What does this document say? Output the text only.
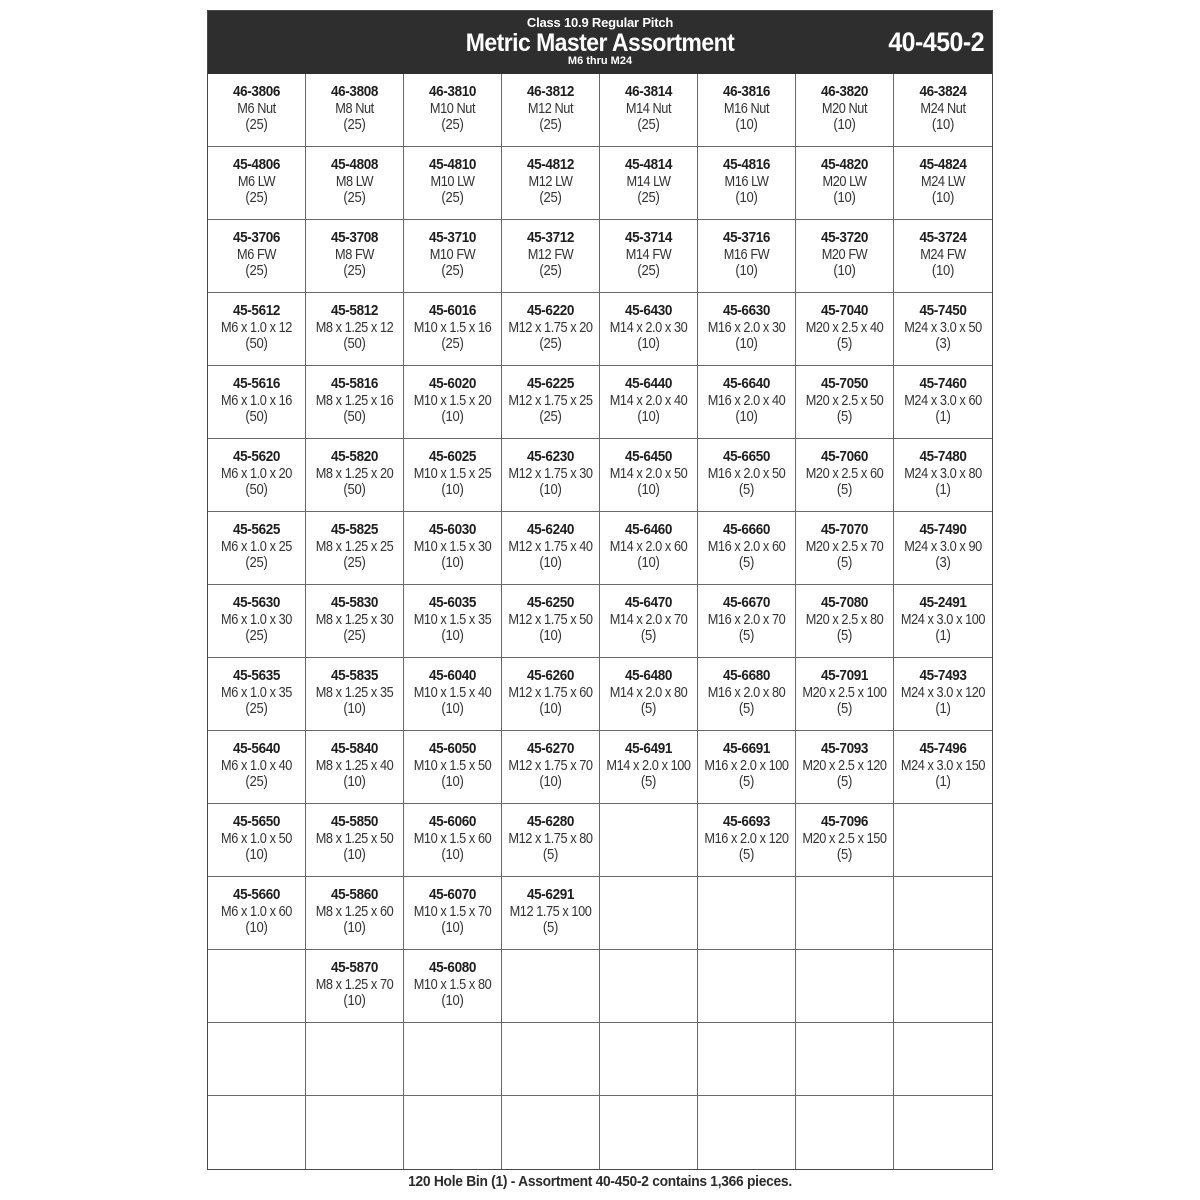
Class 10.9 Regular Pitch
Metric Master Assortment
M6 thru M24
40-450-2
46-3806
M6 Nut
(25)
46-3808
M8 Nut
(25)
46-3810
M10 Nut
(25)
46-3812
M12 Nut
(25)
46-3814
M14 Nut
(25)
46-3816
M16 Nut
(10)
46-3820
M20 Nut
(10)
46-3824
M24 Nut
(10)
45-4806
M6 LW
(25)
45-4808
M8 LW
(25)
45-4810
M10 LW
(25)
45-4812
M12 LW
(25)
45-4814
M14 LW
(25)
45-4816
M16 LW
(10)
45-4820
M20 LW
(10)
45-4824
M24 LW
(10)
45-3706
M6 FW
(25)
45-3708
M8 FW
(25)
45-3710
M10 FW
(25)
45-3712
M12 FW
(25)
45-3714
M14 FW
(25)
45-3716
M16 FW
(10)
45-3720
M20 FW
(10)
45-3724
M24 FW
(10)
45-5612
M6 x 1.0 x 12
(50)
45-5812
M8 x 1.25 x 12
(50)
45-6016
M10 x 1.5 x 16
(25)
45-6220
M12 x 1.75 x 20
(25)
45-6430
M14 x 2.0 x 30
(10)
45-6630
M16 x 2.0 x 30
(10)
45-7040
M20 x 2.5 x 40
(5)
45-7450
M24 x 3.0 x 50
(3)
45-5616
M6 x 1.0 x 16
(50)
45-5816
M8 x 1.25 x 16
(50)
45-6020
M10 x 1.5 x 20
(10)
45-6225
M12 x 1.75 x 25
(25)
45-6440
M14 x 2.0 x 40
(10)
45-6640
M16 x 2.0 x 40
(10)
45-7050
M20 x 2.5 x 50
(5)
45-7460
M24 x 3.0 x 60
(1)
45-5620
M6 x 1.0 x 20
(50)
45-5820
M8 x 1.25 x 20
(50)
45-6025
M10 x 1.5 x 25
(10)
45-6230
M12 x 1.75 x 30
(10)
45-6450
M14 x 2.0 x 50
(10)
45-6650
M16 x 2.0 x 50
(5)
45-7060
M20 x 2.5 x 60
(5)
45-7480
M24 x 3.0 x 80
(1)
45-5625
M6 x 1.0 x 25
(25)
45-5825
M8 x 1.25 x 25
(25)
45-6030
M10 x 1.5 x 30
(10)
45-6240
M12 x 1.75 x 40
(10)
45-6460
M14 x 2.0 x 60
(10)
45-6660
M16 x 2.0 x 60
(5)
45-7070
M20 x 2.5 x 70
(5)
45-7490
M24 x 3.0 x 90
(3)
45-5630
M6 x 1.0 x 30
(25)
45-5830
M8 x 1.25 x 30
(25)
45-6035
M10 x 1.5 x 35
(10)
45-6250
M12 x 1.75 x 50
(10)
45-6470
M14 x 2.0 x 70
(5)
45-6670
M16 x 2.0 x 70
(5)
45-7080
M20 x 2.5 x 80
(5)
45-2491
M24 x 3.0 x 100
(1)
45-5635
M6 x 1.0 x 35
(25)
45-5835
M8 x 1.25 x 35
(10)
45-6040
M10 x 1.5 x 40
(10)
45-6260
M12 x 1.75 x 60
(10)
45-6480
M14 x 2.0 x 80
(5)
45-6680
M16 x 2.0 x 80
(5)
45-7091
M20 x 2.5 x 100
(5)
45-7493
M24 x 3.0 x 120
(1)
45-5640
M6 x 1.0 x 40
(25)
45-5840
M8 x 1.25 x 40
(10)
45-6050
M10 x 1.5 x 50
(10)
45-6270
M12 x 1.75 x 70
(10)
45-6491
M14 x 2.0 x 100
(5)
45-6691
M16 x 2.0 x 100
(5)
45-7093
M20 x 2.5 x 120
(5)
45-7496
M24 x 3.0 x 150
(1)
45-5650
M6 x 1.0 x 50
(10)
45-5850
M8 x 1.25 x 50
(10)
45-6060
M10 x 1.5 x 60
(10)
45-6280
M12 x 1.75 x 80
(5)
45-6693
M16 x 2.0 x 120
(5)
45-7096
M20 x 2.5 x 150
(5)
45-5660
M6 x 1.0 x 60
(10)
45-5860
M8 x 1.25 x 60
(10)
45-6070
M10 x 1.5 x 70
(10)
45-6291
M12 1.75 x 100
(5)
45-5870
M8 x 1.25 x 70
(10)
45-6080
M10 x 1.5 x 80
(10)
120 Hole Bin (1) - Assortment 40-450-2 contains 1,366 pieces.
